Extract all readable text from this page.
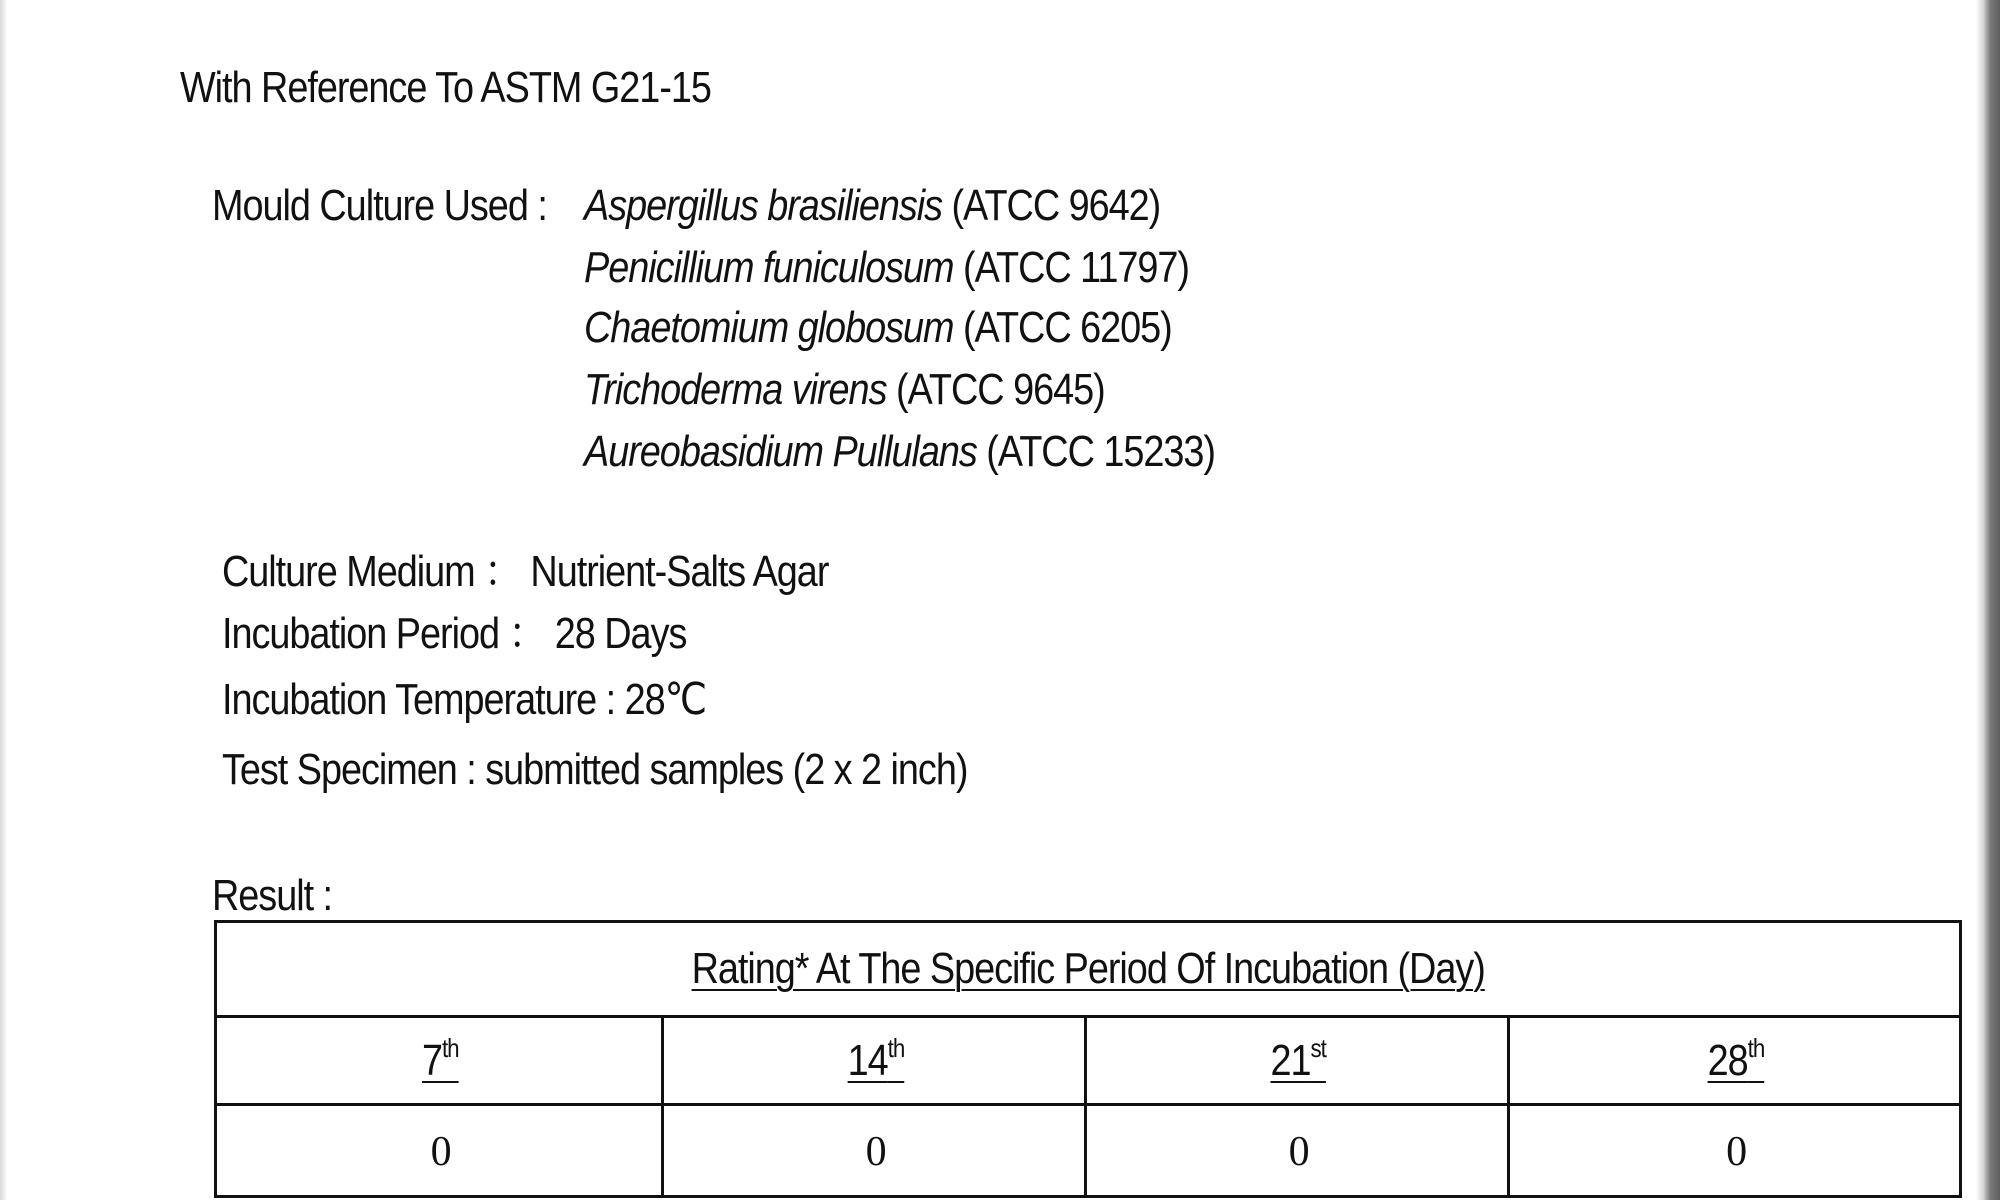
With Reference To ASTM G21-15
Mould Culture Used : Aspergillus brasiliensis (ATCC 9642)
Penicillium funiculosum (ATCC 11797)
Chaetomium globosum (ATCC 6205)
Trichoderma virens (ATCC 9645)
Aureobasidium Pullulans (ATCC 15233)
Culture Medium ： Nutrient-Salts Agar
Incubation Period ： 28 Days
Incubation Temperature : 28℃
Test Specimen : submitted samples (2 x 2 inch)
Result :
Rating* At The Specific Period Of Incubation (Day)
7th	14th	21st	28th
0	0	0	0
